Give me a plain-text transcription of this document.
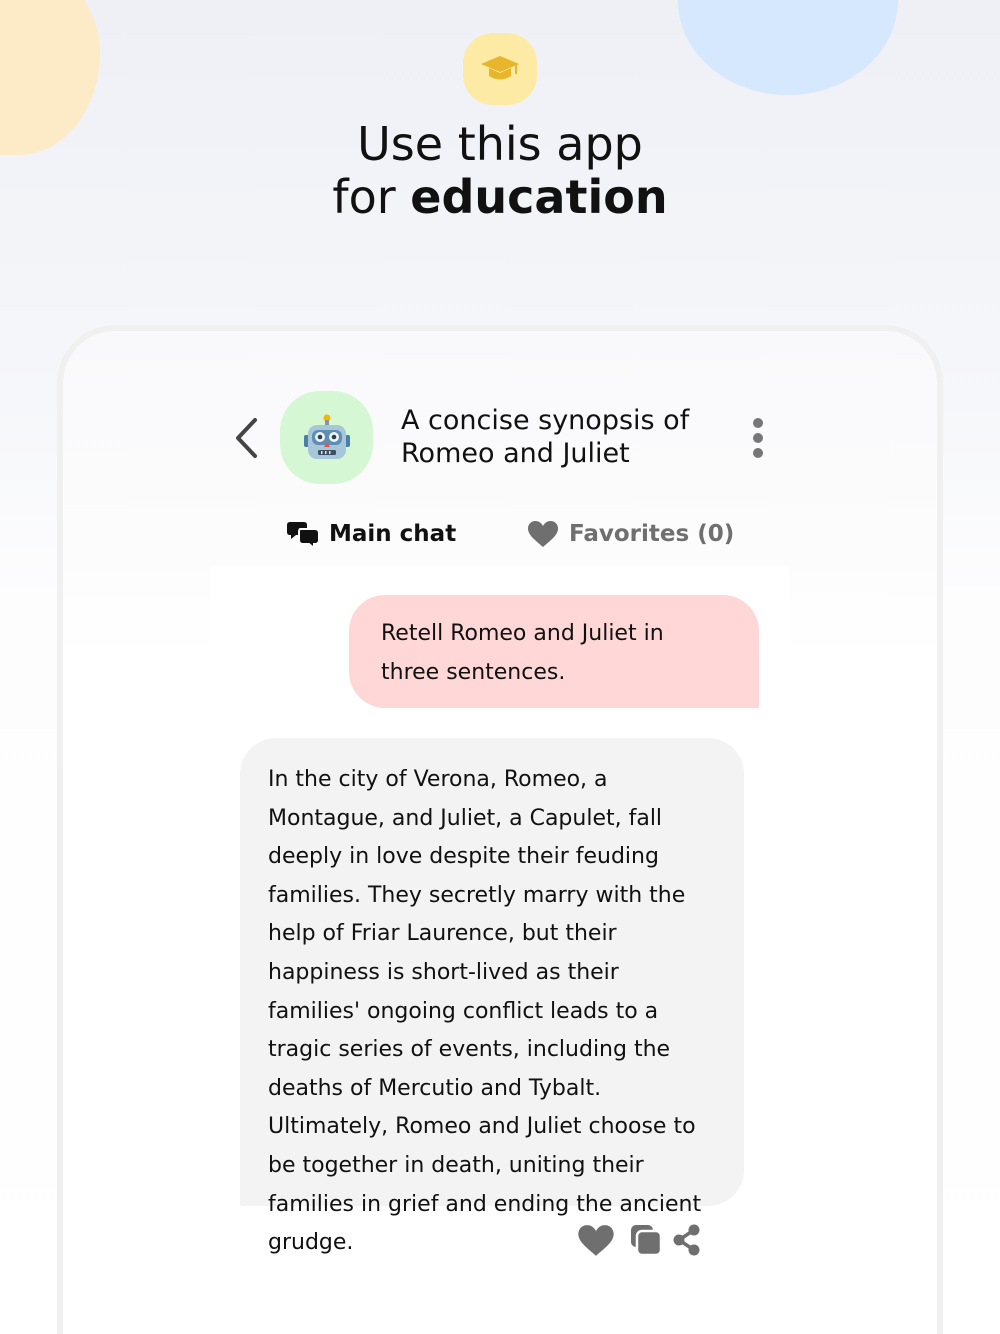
Use this app
for education
A concise synopsis of Romeo and Juliet
Main chat	Favorites (0)
Retell Romeo and Juliet in three sentences.
In the city of Verona, Romeo, a Montague, and Juliet, a Capulet, fall deeply in love despite their feuding families. They secretly marry with the help of Friar Laurence, but their happiness is short-lived as their families' ongoing conflict leads to a tragic series of events, including the deaths of Mercutio and Tybalt. Ultimately, Romeo and Juliet choose to be together in death, uniting their families in grief and ending the ancient grudge.
